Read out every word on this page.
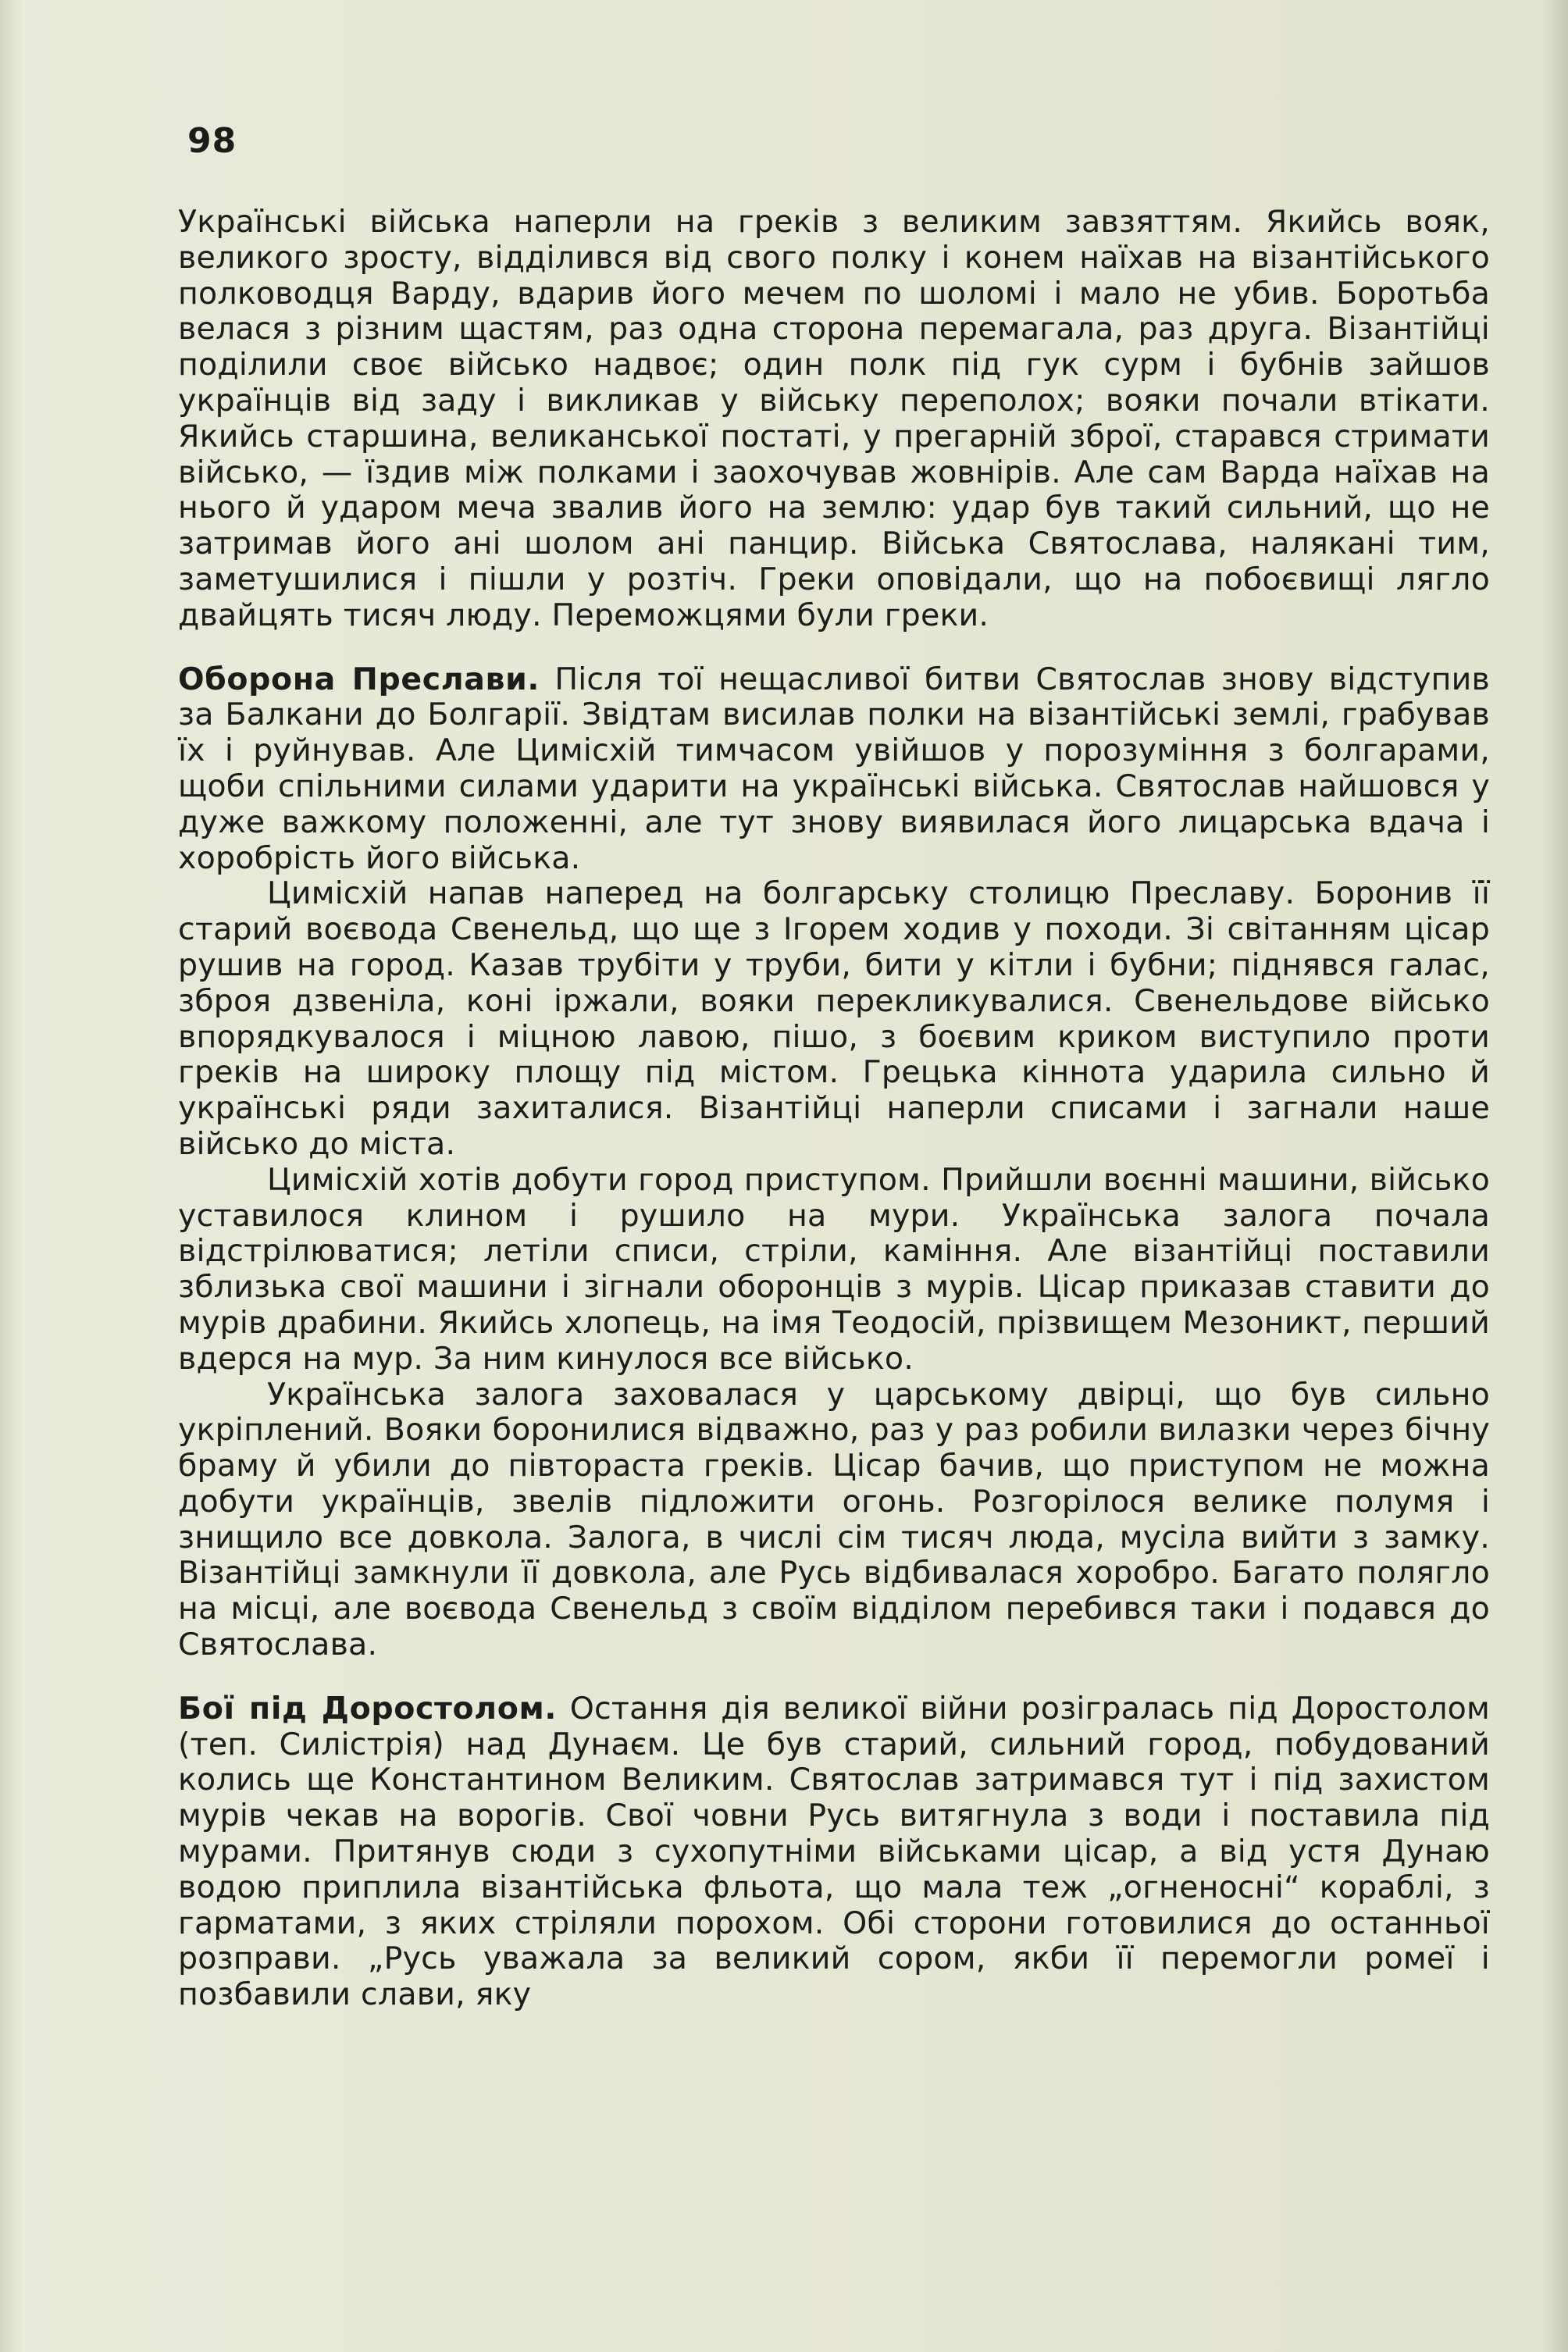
98

Українські війська наперли на греків з великим завзяттям. Якийсь вояк, великого зросту, відділився від свого полку і конем наїхав на візантійського полководця Варду, вдарив його мечем по шоломі і мало не убив. Боротьба велася з різним щастям, раз одна сторона перемагала, раз друга. Візантійці поділили своє військо надвоє; один полк під гук сурм і бубнів зайшов українців від заду і викликав у війську переполох; вояки почали втікати. Якийсь старшина, великанської постаті, у прегарній зброї, старався стримати військо, — їздив між полками і заохочував жовнірів. Але сам Варда наїхав на нього й ударом меча звалив його на землю: удар був такий сильний, що не затримав його ані шолом ані панцир. Війська Святослава, налякані тим, заметушилися і пішли у розтіч. Греки оповідали, що на побоєвищі лягло двайцять тисяч люду. Переможцями були греки.

Оборона Преслави. Після тої нещасливої битви Святослав знову відступив за Балкани до Болгарії. Звідтам висилав полки на візантійські землі, грабував їх і руйнував. Але Цимісхій тимчасом увійшов у порозуміння з болгарами, щоби спільними силами ударити на українські війська. Святослав найшовся у дуже важкому положенні, але тут знову виявилася його лицарська вдача і хоробрість його війська.

Цимісхій напав наперед на болгарську столицю Преславу. Боронив її старий воєвода Свенельд, що ще з Ігорем ходив у походи. Зі світанням цісар рушив на город. Казав трубіти у труби, бити у кітли і бубни; піднявся галас, зброя дзвеніла, коні іржали, вояки перекликувалися. Свенельдове військо впорядкувалося і міцною лавою, пішо, з боєвим криком виступило проти греків на широку площу під містом. Грецька кіннота ударила сильно й українські ряди захиталися. Візантійці наперли списами і загнали наше військо до міста.

Цимісхій хотів добути город приступом. Прийшли воєнні машини, військо уставилося клином і рушило на мури. Українська залога почала відстрілюватися; летіли списи, стріли, каміння. Але візантійці поставили зблизька свої машини і зігнали оборонців з мурів. Цісар приказав ставити до мурів драбини. Якийсь хлопець, на імя Теодосій, прізвищем Мезоникт, перший вдерся на мур. За ним кинулося все військо.

Українська залога заховалася у царському двірці, що був сильно укріплений. Вояки боронилися відважно, раз у раз робили вилазки через бічну браму й убили до півтораста греків. Цісар бачив, що приступом не можна добути українців, звелів підложити огонь. Розгорілося велике полумя і знищило все довкола. Залога, в числі сім тисяч люда, мусіла вийти з замку. Візантійці замкнули її довкола, але Русь відбивалася хоробро. Багато полягло на місці, але воєвода Свенельд з своїм відділом перебився таки і подався до Святослава.

Бої під Доростолом. Остання дія великої війни розігралась під Доростолом (теп. Силістрія) над Дунаєм. Це був старий, сильний город, побудований колись ще Константином Великим. Святослав затримався тут і під захистом мурів чекав на ворогів. Свої човни Русь витягнула з води і поставила під мурами. Притянув сюди з сухопутніми військами цісар, а від устя Дунаю водою приплила візантійська фльота, що мала теж „огненосні“ кораблі, з гарматами, з яких стріляли порохом. Обі сторони готовилися до останньої розправи. „Русь уважала за великий сором, якби її перемогли ромеї і позбавили слави, яку
